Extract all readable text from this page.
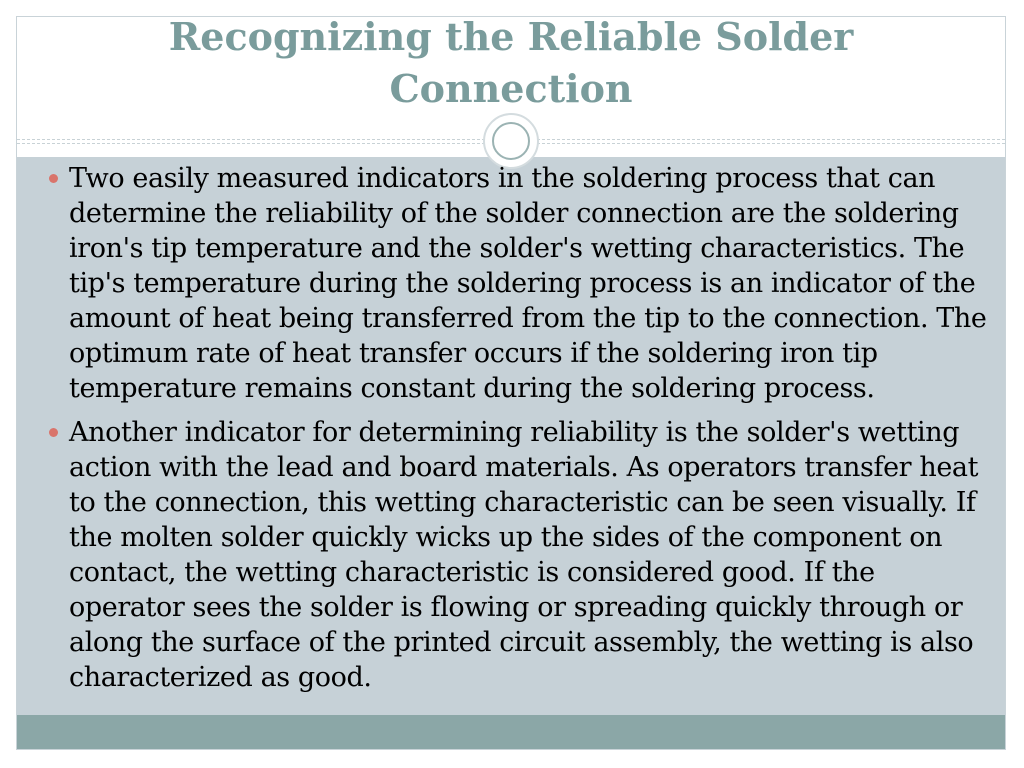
Recognizing the Reliable Solder
Connection
Two easily measured indicators in the soldering process that can determine the reliability of the solder connection are the soldering iron's tip temperature and the solder's wetting characteristics. The tip's temperature during the soldering process is an indicator of the amount of heat being transferred from the tip to the connection. The optimum rate of heat transfer occurs if the soldering iron tip temperature remains constant during the soldering process.
Another indicator for determining reliability is the solder's wetting action with the lead and board materials. As operators transfer heat to the connection, this wetting characteristic can be seen visually. If the molten solder quickly wicks up the sides of the component on contact, the wetting characteristic is considered good. If the operator sees the solder is flowing or spreading quickly through or along the surface of the printed circuit assembly, the wetting is also characterized as good.
